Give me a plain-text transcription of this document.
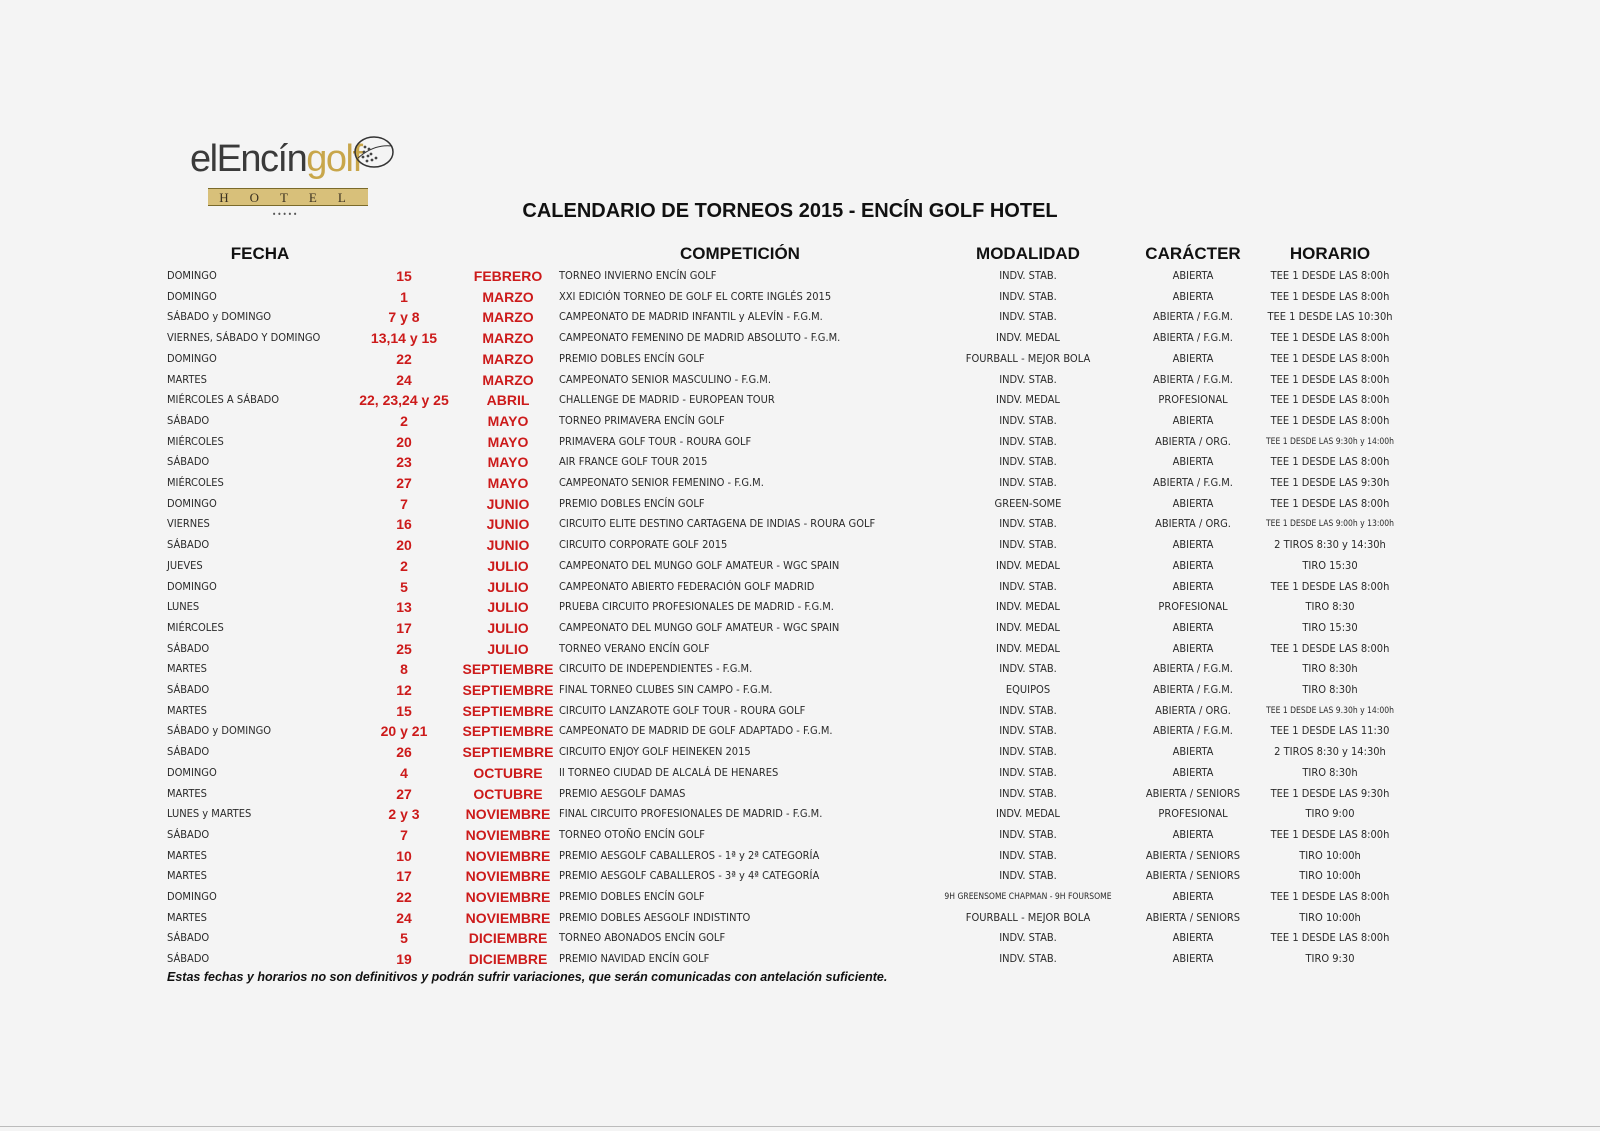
elEncíngolf
HOTEL
•••••	CALENDARIO DE TORNEOS 2015 - ENCÍN GOLF HOTEL
FECHA	COMPETICIÓN	MODALIDAD	CARÁCTER	HORARIO
DOMINGO	15	FEBRERO	TORNEO INVIERNO ENCÍN GOLF	INDV. STAB.	ABIERTA	TEE 1 DESDE LAS 8:00h
DOMINGO	1	MARZO	XXI EDICIÓN TORNEO DE GOLF EL CORTE INGLÉS 2015	INDV. STAB.	ABIERTA	TEE 1 DESDE LAS 8:00h
SÁBADO y DOMINGO	7 y 8	MARZO	CAMPEONATO DE MADRID INFANTIL y ALEVÍN - F.G.M.	INDV. STAB.	ABIERTA / F.G.M.	TEE 1 DESDE LAS 10:30h
VIERNES, SÁBADO Y DOMINGO	13,14 y 15	MARZO	CAMPEONATO FEMENINO DE MADRID ABSOLUTO - F.G.M.	INDV. MEDAL	ABIERTA / F.G.M.	TEE 1 DESDE LAS 8:00h
DOMINGO	22	MARZO	PREMIO DOBLES ENCÍN GOLF	FOURBALL - MEJOR BOLA	ABIERTA	TEE 1 DESDE LAS 8:00h
MARTES	24	MARZO	CAMPEONATO SENIOR MASCULINO - F.G.M.	INDV. STAB.	ABIERTA / F.G.M.	TEE 1 DESDE LAS 8:00h
MIÉRCOLES A SÁBADO	22, 23,24 y 25	ABRIL	CHALLENGE DE MADRID - EUROPEAN TOUR	INDV. MEDAL	PROFESIONAL	TEE 1 DESDE LAS 8:00h
SÁBADO	2	MAYO	TORNEO PRIMAVERA ENCÍN GOLF	INDV. STAB.	ABIERTA	TEE 1 DESDE LAS 8:00h
MIÉRCOLES	20	MAYO	PRIMAVERA GOLF TOUR - ROURA GOLF	INDV. STAB.	ABIERTA / ORG.	TEE 1 DESDE LAS 9:30h y 14:00h
SÁBADO	23	MAYO	AIR FRANCE GOLF TOUR 2015	INDV. STAB.	ABIERTA	TEE 1 DESDE LAS 8:00h
MIÉRCOLES	27	MAYO	CAMPEONATO SENIOR FEMENINO - F.G.M.	INDV. STAB.	ABIERTA / F.G.M.	TEE 1 DESDE LAS 9:30h
DOMINGO	7	JUNIO	PREMIO DOBLES ENCÍN GOLF	GREEN-SOME	ABIERTA	TEE 1 DESDE LAS 8:00h
VIERNES	16	JUNIO	CIRCUITO ELITE DESTINO CARTAGENA DE INDIAS - ROURA GOLF	INDV. STAB.	ABIERTA / ORG.	TEE 1 DESDE LAS 9:00h y 13:00h
SÁBADO	20	JUNIO	CIRCUITO CORPORATE GOLF 2015	INDV. STAB.	ABIERTA	2 TIROS 8:30 y 14:30h
JUEVES	2	JULIO	CAMPEONATO DEL MUNGO GOLF AMATEUR - WGC SPAIN	INDV. MEDAL	ABIERTA	TIRO 15:30
DOMINGO	5	JULIO	CAMPEONATO ABIERTO FEDERACIÓN GOLF MADRID	INDV. STAB.	ABIERTA	TEE 1 DESDE LAS 8:00h
LUNES	13	JULIO	PRUEBA CIRCUITO PROFESIONALES DE MADRID - F.G.M.	INDV. MEDAL	PROFESIONAL	TIRO 8:30
MIÉRCOLES	17	JULIO	CAMPEONATO DEL MUNGO GOLF AMATEUR - WGC SPAIN	INDV. MEDAL	ABIERTA	TIRO 15:30
SÁBADO	25	JULIO	TORNEO VERANO ENCÍN GOLF	INDV. MEDAL	ABIERTA	TEE 1 DESDE LAS 8:00h
MARTES	8	SEPTIEMBRE CIRCUITO DE INDEPENDIENTES - F.G.M.	INDV. STAB.	ABIERTA / F.G.M.	TIRO 8:30h
SÁBADO	12	SEPTIEMBRE FINAL TORNEO CLUBES SIN CAMPO - F.G.M.	EQUIPOS	ABIERTA / F.G.M.	TIRO 8:30h
MARTES	15	SEPTIEMBRE CIRCUITO LANZAROTE GOLF TOUR - ROURA GOLF	INDV. STAB.	ABIERTA / ORG.	TEE 1 DESDE LAS 9.30h y 14:00h
SÁBADO y DOMINGO	20 y 21	SEPTIEMBRE CAMPEONATO DE MADRID DE GOLF ADAPTADO - F.G.M.	INDV. STAB.	ABIERTA / F.G.M.	TEE 1 DESDE LAS 11:30
SÁBADO	26	SEPTIEMBRE CIRCUITO ENJOY GOLF HEINEKEN 2015	INDV. STAB.	ABIERTA	2 TIROS 8:30 y 14:30h
DOMINGO	4	OCTUBRE	II TORNEO CIUDAD DE ALCALÁ DE HENARES	INDV. STAB.	ABIERTA	TIRO 8:30h
MARTES	27	OCTUBRE	PREMIO AESGOLF DAMAS	INDV. STAB.	ABIERTA / SENIORS	TEE 1 DESDE LAS 9:30h
LUNES y MARTES	2 y 3	NOVIEMBRE FINAL CIRCUITO PROFESIONALES DE MADRID - F.G.M.	INDV. MEDAL	PROFESIONAL	TIRO 9:00
SÁBADO	7	NOVIEMBRE TORNEO OTOÑO ENCÍN GOLF	INDV. STAB.	ABIERTA	TEE 1 DESDE LAS 8:00h
MARTES	10	NOVIEMBRE PREMIO AESGOLF CABALLEROS - 1ª y 2ª CATEGORÍA	INDV. STAB.	ABIERTA / SENIORS	TIRO 10:00h
MARTES	17	NOVIEMBRE PREMIO AESGOLF CABALLEROS - 3ª y 4ª CATEGORÍA	INDV. STAB.	ABIERTA / SENIORS	TIRO 10:00h
DOMINGO	22	NOVIEMBRE PREMIO DOBLES ENCÍN GOLF	9H GREENSOME CHAPMAN - 9H FOURSOME	ABIERTA	TEE 1 DESDE LAS 8:00h
MARTES	24	NOVIEMBRE PREMIO DOBLES AESGOLF INDISTINTO	FOURBALL - MEJOR BOLA	ABIERTA / SENIORS	TIRO 10:00h
SÁBADO	5	DICIEMBRE	TORNEO ABONADOS ENCÍN GOLF	INDV. STAB.	ABIERTA	TEE 1 DESDE LAS 8:00h
SÁBADO	19	DICIEMBRE	PREMIO NAVIDAD ENCÍN GOLF	INDV. STAB.	ABIERTA	TIRO 9:30
Estas fechas y horarios no son definitivos y podrán sufrir variaciones, que serán comunicadas con antelación suficiente.
